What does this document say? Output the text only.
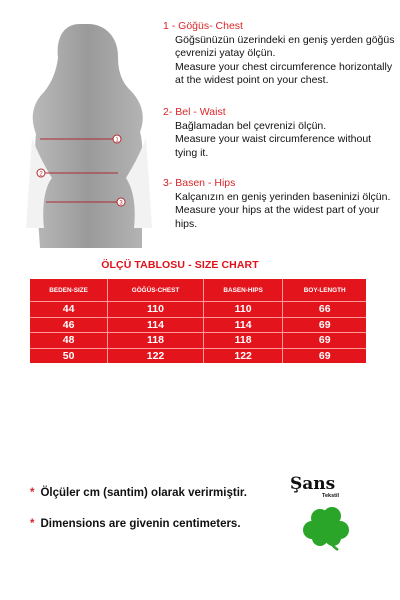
1
2
3
1 - Göğüs- Chest
Göğsünüzün üzerindeki en geniş yerden göğüs çevrenizi yatay ölçün.
Measure your chest circumference horizontally at the widest point on your chest.
2- Bel - Waist
Bağlamadan bel çevrenizi ölçün.
Measure your waist circumference without tying it.
3- Basen - Hips
Kalçanızın en geniş yerinden baseninizi ölçün.
Measure your hips at the widest part of your hips.
ÖLÇÜ TABLOSU - SIZE CHART
BEDEN-SIZE	GÖĞÜS-CHEST	BASEN-HIPS	BOY-LENGTH
44	110	110	66
46	114	114	69
48	118	118	69
50	122	122	69
* Ölçüler cm (santim) olarak verirmiştir.
* Dimensions are givenin centimeters.
Şans
Tekstil
